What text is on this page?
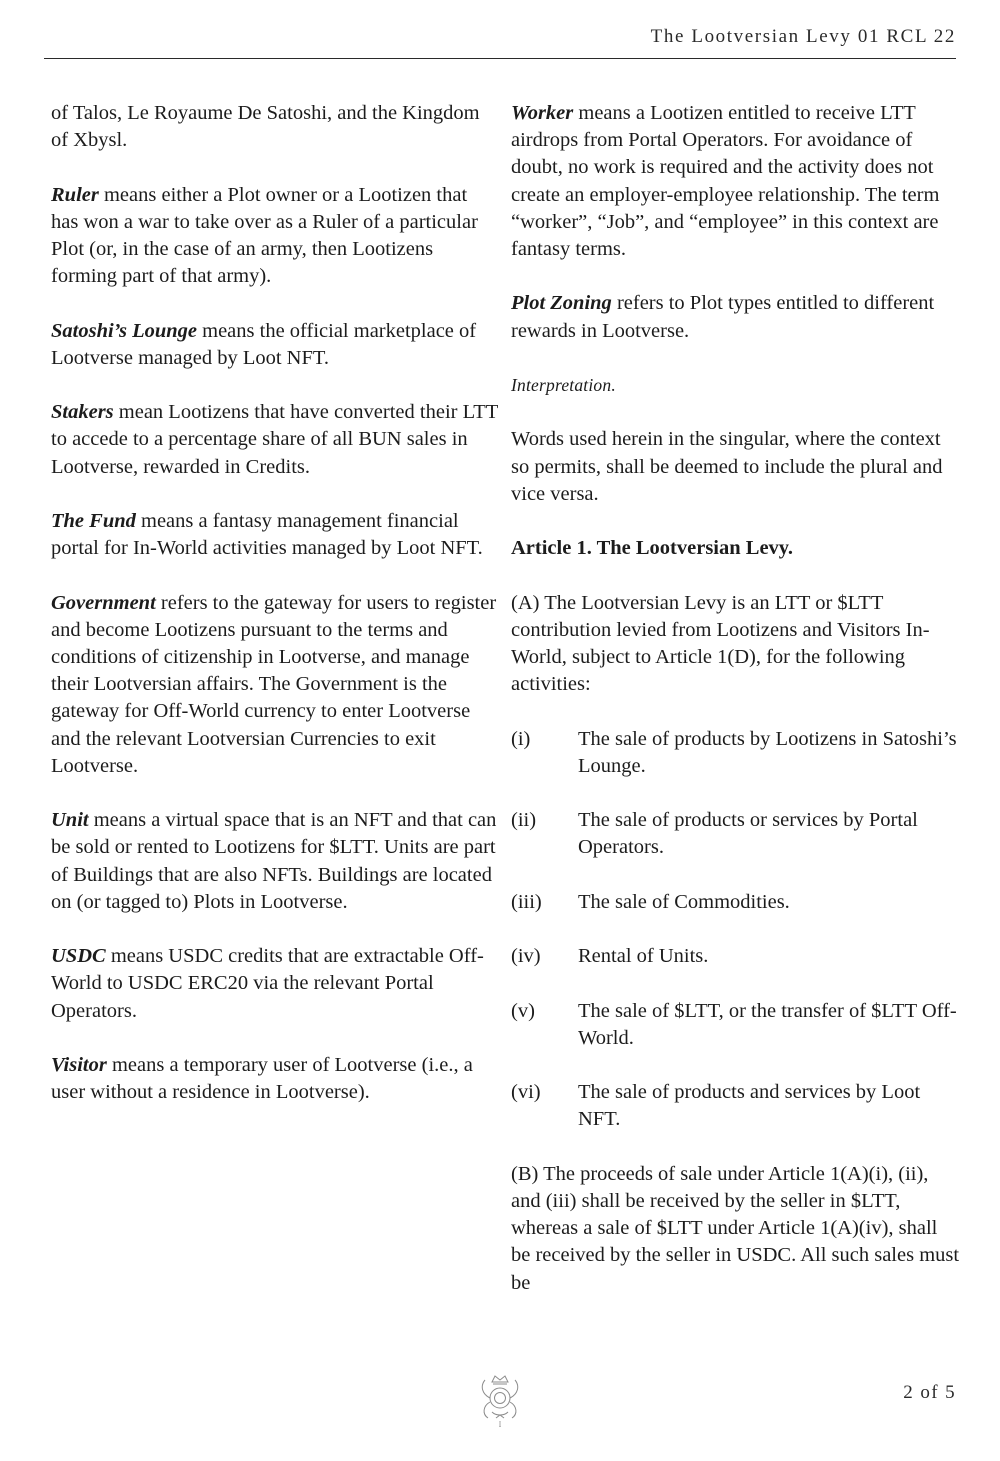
The Lootversian Levy 01 RCL 22

of Talos, Le Royaume De Satoshi, and the Kingdom of Xbysl.

Ruler means either a Plot owner or a Lootizen that has won a war to take over as a Ruler of a particular Plot (or, in the case of an army, then Lootizens forming part of that army).

Satoshi’s Lounge means the official marketplace of Lootverse managed by Loot NFT.

Stakers mean Lootizens that have converted their LTT to accede to a percentage share of all BUN sales in Lootverse, rewarded in Credits.

The Fund means a fantasy management financial portal for In-World activities managed by Loot NFT.

Government refers to the gateway for users to register and become Lootizens pursuant to the terms and conditions of citizenship in Lootverse, and manage their Lootversian affairs. The Government is the gateway for Off-World currency to enter Lootverse and the relevant Lootversian Currencies to exit Lootverse.

Unit means a virtual space that is an NFT and that can be sold or rented to Lootizens for $LTT. Units are part of Buildings that are also NFTs. Buildings are located on (or tagged to) Plots in Lootverse.

USDC means USDC credits that are extractable Off-World to USDC ERC20 via the relevant Portal Operators.

Visitor means a temporary user of Lootverse (i.e., a user without a residence in Lootverse).

Worker means a Lootizen entitled to receive LTT airdrops from Portal Operators. For avoidance of doubt, no work is required and the activity does not create an employer-employee relationship. The term “worker”, “Job”, and “employee” in this context are fantasy terms.

Plot Zoning refers to Plot types entitled to different rewards in Lootverse.

Interpretation.

Words used herein in the singular, where the context so permits, shall be deemed to include the plural and vice versa.

Article 1. The Lootversian Levy.

(A) The Lootversian Levy is an LTT or $LTT contribution levied from Lootizens and Visitors In-World, subject to Article 1(D), for the following activities:

(i)	The sale of products by Lootizens in Satoshi’s Lounge.
(ii)	The sale of products or services by Portal Operators.
(iii)	The sale of Commodities.
(iv)	Rental of Units.
(v)	The sale of $LTT, or the transfer of $LTT Off-World.
(vi)	The sale of products and services by Loot NFT.

(B) The proceeds of sale under Article 1(A)(i), (ii), and (iii) shall be received by the seller in $LTT, whereas a sale of $LTT under Article 1(A)(iv), shall be received by the seller in USDC. All such sales must be

I
2 of 5
